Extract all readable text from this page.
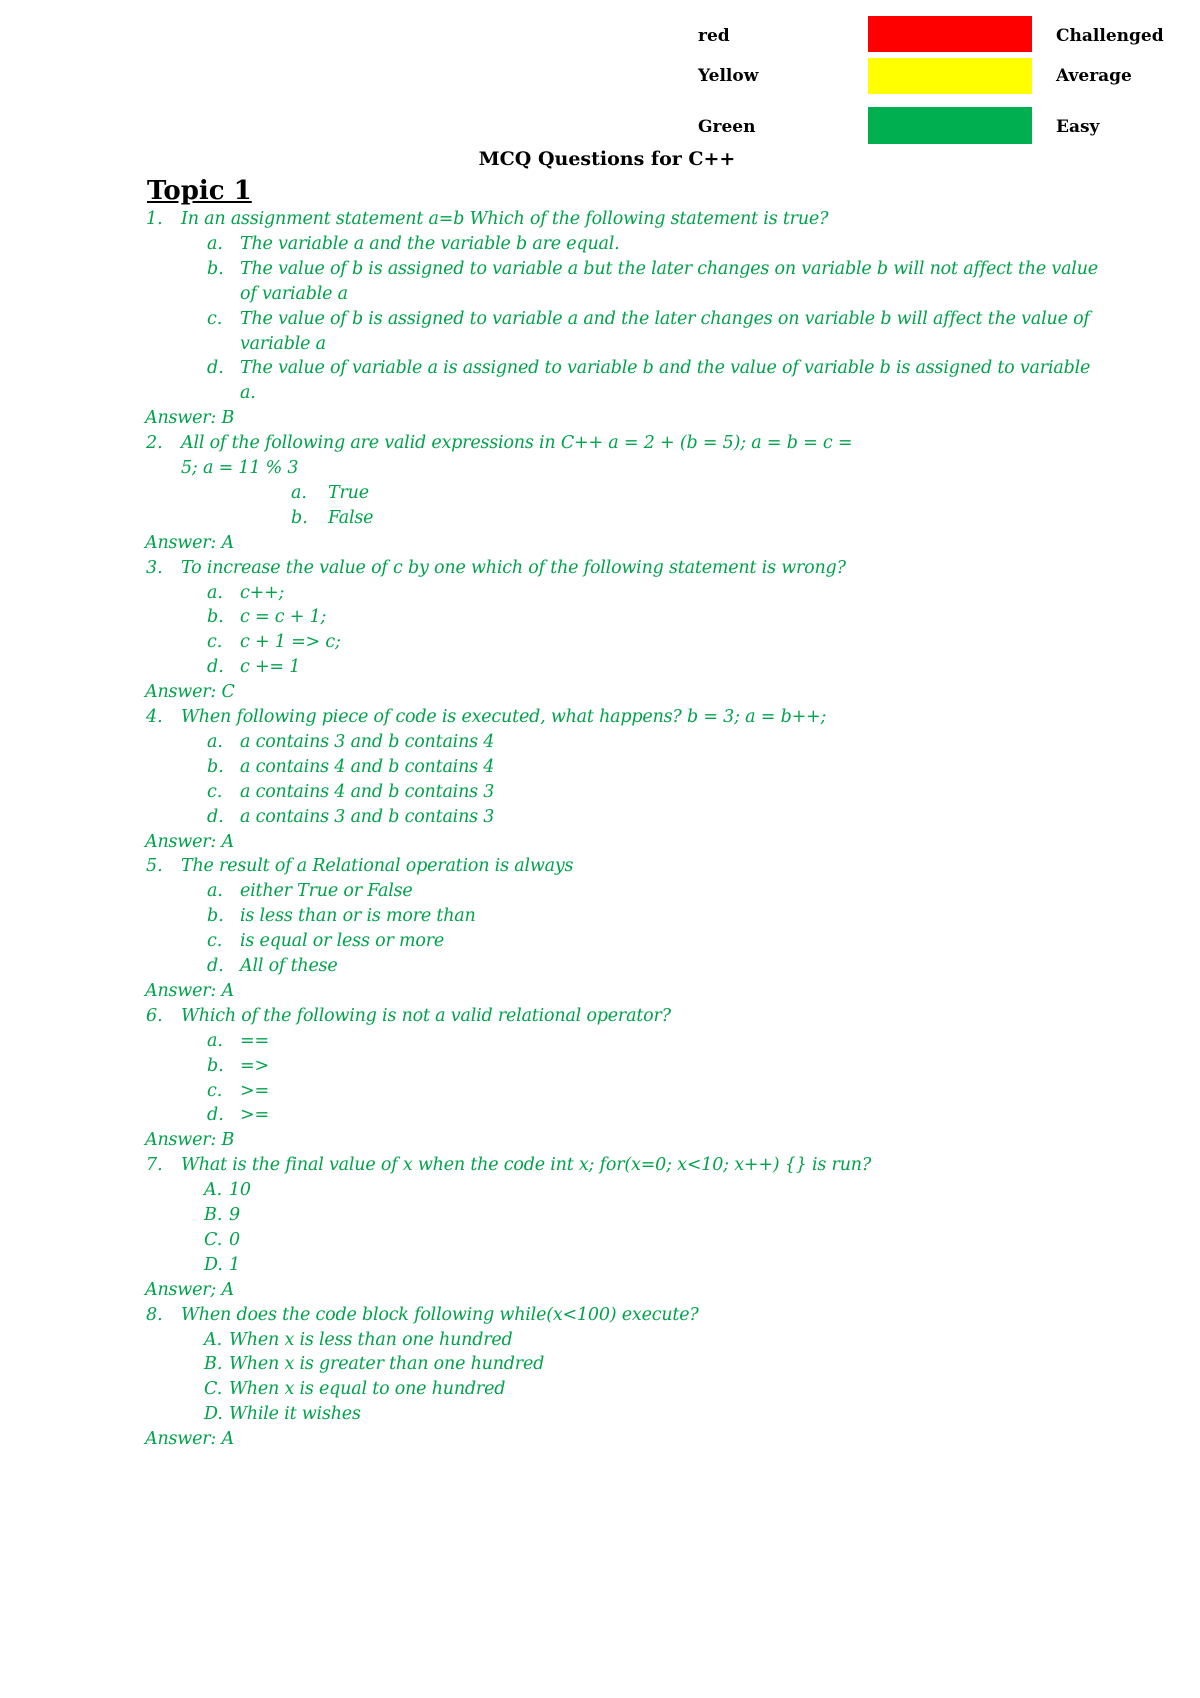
red	Challenged
Yellow	Average
Green	Easy
MCQ Questions for C++
Topic 1
1. In an assignment statement a=b Which of the following statement is true?
a. The variable a and the variable b are equal.
b. The value of b is assigned to variable a but the later changes on variable b will not affect the value
of variable a
c. The value of b is assigned to variable a and the later changes on variable b will affect the value of
variable a
d. The value of variable a is assigned to variable b and the value of variable b is assigned to variable
a.
Answer: B
2. All of the following are valid expressions in C++ a = 2 + (b = 5); a = b = c =
5; a = 11 % 3
a. True
b. False
Answer: A
3. To increase the value of c by one which of the following statement is wrong?
a. c++;
b. c = c + 1;
c. c + 1 => c;
d. c += 1
Answer: C
4. When following piece of code is executed, what happens? b = 3; a = b++;
a. a contains 3 and b contains 4
b. a contains 4 and b contains 4
c. a contains 4 and b contains 3
d. a contains 3 and b contains 3
Answer: A
5. The result of a Relational operation is always
a. either True or False
b. is less than or is more than
c. is equal or less or more
d. All of these
Answer: A
6. Which of the following is not a valid relational operator?
a. ==
b. =>
c. >=
d. >=
Answer: B
7. What is the final value of x when the code int x; for(x=0; x<10; x++) {} is run?
A. 10
B. 9
C. 0
D. 1
Answer; A
8. When does the code block following while(x<100) execute?
A. When x is less than one hundred
B. When x is greater than one hundred
C. When x is equal to one hundred
D. While it wishes
Answer: A
